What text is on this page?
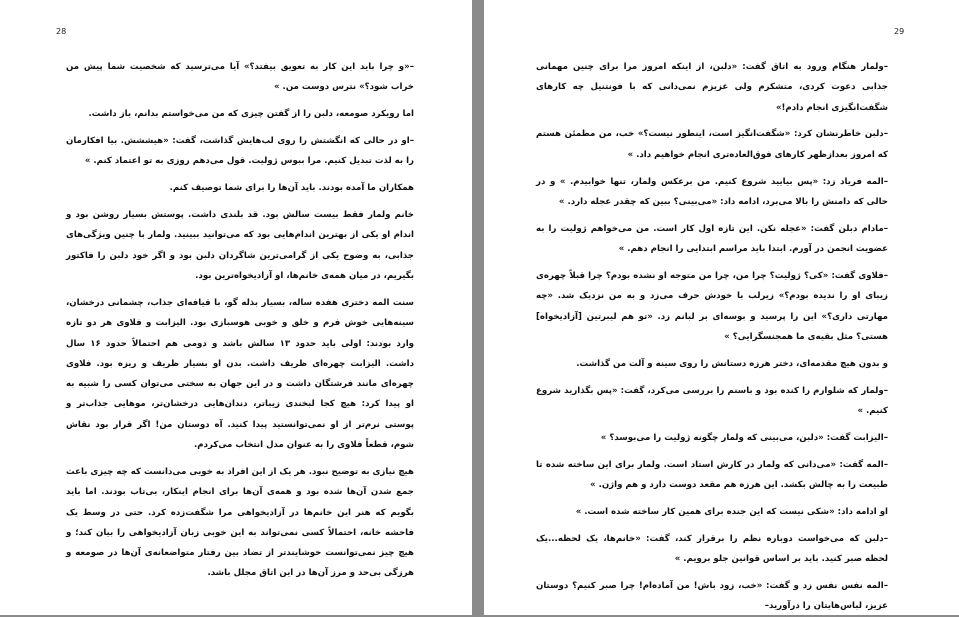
28

–«و چرا باید این کار به تعویق بیفتد؟» آیا می‌ترسید که شخصیت شما پیش من خراب شود؟» نترس دوست من. »

اما رویکرد صومعه، دلبن را از گفتن چیزی که من می‌خواستم بدانم، باز داشت.

–او در حالی که انگشتش را روی لب‌هایش گذاشت، گفت: «هیششش. بیا افکارمان را به لذت تبدیل کنیم. مرا ببوس ژولیت. قول می‌دهم روزی به تو اعتماد کنم. »

همکاران ما آمده بودند. باید آن‌ها را برای شما توصیف کنم.

خانم ولمار فقط بیست سالش بود. قد بلندی داشت. پوستش بسیار روشن بود و اندام او یکی از بهترین اندام‌هایی بود که می‌توانید ببینید. ولمار با چنین ویژگی‌های جذابی، به وضوح یکی از گرامی‌ترین شاگردان دلبن بود و اگر خود دلبن را فاکتور بگیریم، در میان همه‌ی خانم‌ها، او آزادیخواه‌ترین بود.

سنت المه دختری هفده ساله، بسیار بذله گو، با قیافه‌ای جذاب، چشمانی درخشان، سینه‌هایی خوش فرم و خلق و خوبی هوسبازی بود. الیزابت و فلاوی هر دو تازه وارد بودند: اولی باید حدود ۱۳ سالش باشد و دومی هم احتمالاً حدود ۱۶ سال داشت. الیزابت چهره‌ای ظریف داشت. بدن او بسیار ظریف و ریزه بود. فلاوی چهره‌ای مانند فرشتگان داشت و در این جهان به سختی می‌توان کسی را شبیه به او پیدا کرد: هیچ کجا لبخندی زیباتر، دندان‌هایی درخشان‌تر، موهایی جذاب‌تر و پوستی نرم‌تر از او نمی‌توانستید پیدا کنید. آه دوستان من! اگر قرار بود نقاش شوم، قطعاً فلاوی را به عنوان مدل انتخاب می‌کردم.

هیچ نیازی به توضیح نبود. هر یک از این افراد به خوبی می‌دانست که چه چیزی باعث جمع شدن آن‌ها شده بود و همه‌ی آن‌ها برای انجام اینکار، بی‌تاب بودند. اما باید بگویم که هنر این خانم‌ها در آزادیخواهی مرا شگفت‌زده کرد. حتی در وسط یک فاحشه خانه، احتمالاً کسی نمی‌تواند به این خوبی زبان آزادیخواهی را بیان کند؛ و هیچ چیز نمی‌توانست خوشایندتر از تضاد بین رفتار متواضعانه‌ی آن‌ها در صومعه و هرزگی بی‌حد و مرز آن‌ها در این اتاق مجلل باشد.

29

–ولمار هنگام ورود به اتاق گفت: «دلبن، از اینکه امروز مرا برای چنین مهمانی جذابی دعوت کردی، متشکرم ولی عزیزم نمی‌دانی که با فونتنیل چه کارهای شگفت‌انگیزی انجام دادم!»

–دلبن خاطرنشان کرد: «شگفت‌انگیز است، اینطور نیست؟» خب، من مطمئن هستم که امروز بعدازظهر کارهای فوق‌العاده‌تری انجام خواهیم داد. »

–المه فریاد زد: «پس بیایید شروع کنیم. من برعکس ولمار، تنها خوابیدم. » و در حالی که دامنش را بالا می‌برد، ادامه داد: «می‌بینی؟ ببین که چقدر عجله دارد. »

–مادام دبلن گفت: «عجله نکن. این تازه اول کار است. من می‌خواهم ژولیت را به عضویت انجمن در آورم. ابتدا باید مراسم ابتدایی را انجام دهم. »

–فلاوی گفت: «کی؟ ژولیت؟ چرا من، چرا من متوجه او نشده بودم؟ چرا قبلاً چهره‌ی زیبای او را ندیده بودم؟» زیرلب با خودش حرف می‌زد و به من نزدیک شد. «چه مهارتی داری؟» این را پرسید و بوسه‌ای بر لبانم زد. «تو هم لیبرتین [آزادیخواه] هستی؟ مثل بقیه‌ی ما همجنسگرایی؟ »

و بدون هیچ مقدمه‌ای، دختر هرزه دستانش را روی سینه و آلت من گذاشت.

–ولمار که شلوارم را کنده بود و باسنم را بررسی می‌کرد، گفت: «پس بگذارید شروع کنیم. »

–الیزابت گفت: «دلبن، می‌بینی که ولمار چگونه ژولیت را می‌بوسد؟ »

–المه گفت: «می‌دانی که ولمار در کارش استاد است. ولمار برای این ساخته شده تا طبیعت را به چالش بکشد. این هرزه هم مقعد دوست دارد و هم واژن. »

او ادامه داد: «شکی نیست که این جنده برای همین کار ساخته شده است. »

–دلبن که می‌خواست دوباره نظم را برقرار کند، گفت: «خانم‌ها، یک لحظه...یک لحظه صبر کنید. باید بر اساس قوانین جلو برویم. »

–المه نفس نفس زد و گفت: «خب، زود باش! من آماده‌ام! چرا صبر کنیم؟ دوستان عزیز، لباس‌هایتان را درآورید–
